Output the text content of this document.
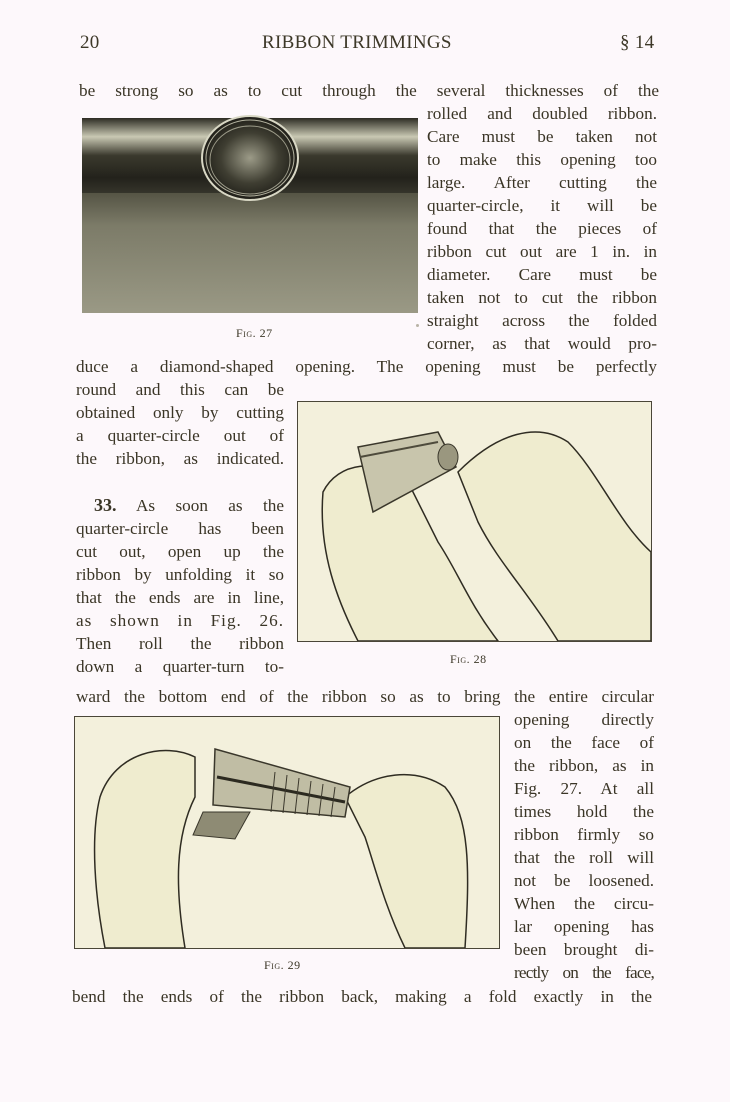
20	RIBBON TRIMMINGS	§ 14
be strong so as to cut through the several thicknesses of the
Fig. 27
rolled and doubled ribbon.
Care must be taken not
to make this opening too
large. After cutting the
quarter-circle, it will be
found that the pieces of
ribbon cut out are 1 in. in
diameter. Care must be
taken not to cut the ribbon
straight across the folded
corner, as that would pro-
duce a diamond-shaped opening. The opening must be perfectly
round and this can be
obtained only by cutting
a quarter-circle out of
the ribbon, as indicated.
33. As soon as the
quarter-circle has been
cut out, open up the
ribbon by unfolding it so
that the ends are in line,
as shown in Fig. 26.
Then roll the ribbon
down a quarter-turn to-	Fig. 28
ward the bottom end of the ribbon so as to bring the entire circular
Fig. 29
opening directly
on the face of
the ribbon, as in
Fig. 27. At all
times hold the
ribbon firmly so
that the roll will
not be loosened.
When the circu-
lar opening has
been brought di-
rectly on the face,
bend the ends of the ribbon back, making a fold exactly in the
